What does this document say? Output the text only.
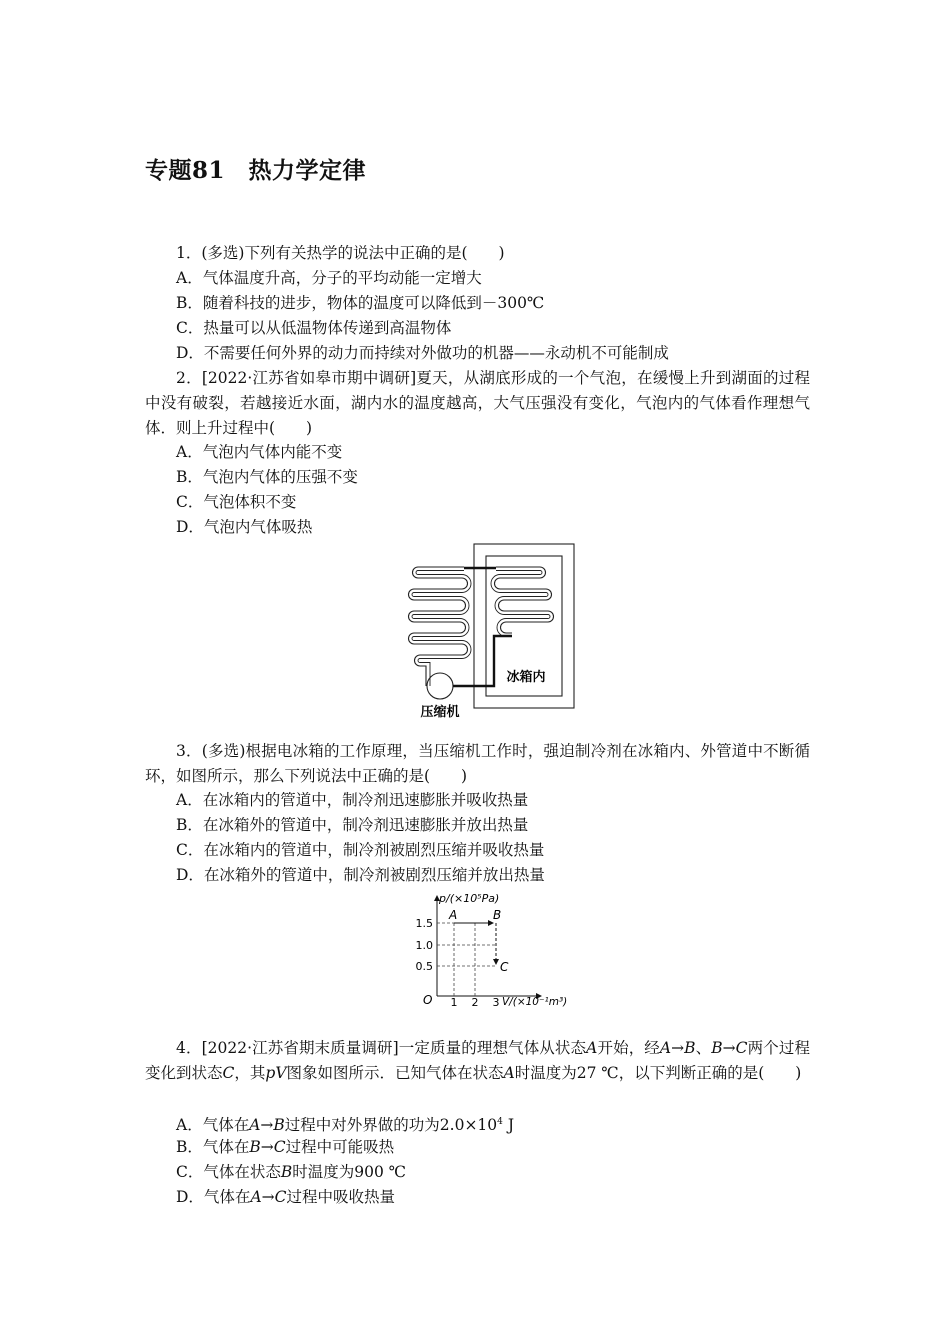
专题81　热力学定律

1．(多选)下列有关热学的说法中正确的是(　　)

A．气体温度升高，分子的平均动能一定增大
B．随着科技的进步，物体的温度可以降低到－300℃
C．热量可以从低温物体传递到高温物体
D．不需要任何外界的动力而持续对外做功的机器——永动机不可能制成

2．[2022·江苏省如皋市期中调研]夏天，从湖底形成的一个气泡，在缓慢上升到湖面的过程中没有破裂，若越接近水面，湖内水的温度越高，大气压强没有变化，气泡内的气体看作理想气体．则上升过程中(　　)

A．气泡内气体内能不变
B．气泡内气体的压强不变
C．气泡体积不变
D．气泡内气体吸热
冰箱内
压缩机

3．(多选)根据电冰箱的工作原理，当压缩机工作时，强迫制冷剂在冰箱内、外管道中不断循环，如图所示，那么下列说法中正确的是(　　)

A．在冰箱内的管道中，制冷剂迅速膨胀并吸收热量
B．在冰箱外的管道中，制冷剂迅速膨胀并放出热量
C．在冰箱内的管道中，制冷剂被剧烈压缩并吸收热量
D．在冰箱外的管道中，制冷剂被剧烈压缩并放出热量
p/(×10⁵Pa)
V/(×10⁻¹m³)
O
1.5
1.0
0.5
1 2 3
A	B
C

4．[2022·江苏省期末质量调研]一定质量的理想气体从状态A开始，经A→B、B→C两个过程变化到状态C，其pV图象如图所示．已知气体在状态A时温度为27 ℃，以下判断正确的是(　　)

A．气体在A→B过程中对外界做的功为$2.0\times 10^4$ J
B．气体在B→C过程中可能吸热
C．气体在状态B时温度为900 ℃
D．气体在A→C过程中吸收热量
